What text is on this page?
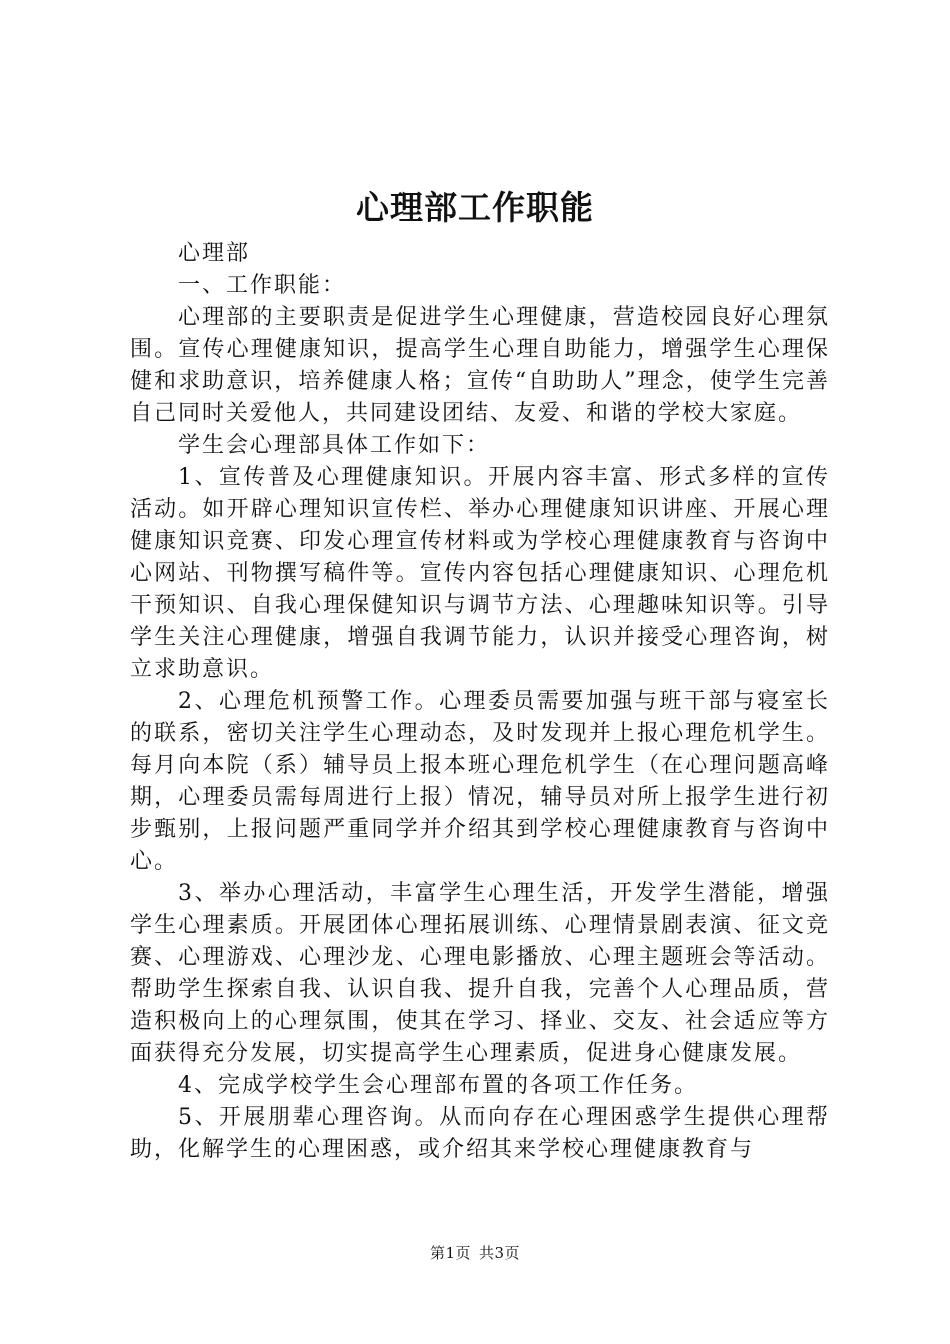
心理部工作职能

心理部

一、工作职能：

心理部的主要职责是促进学生心理健康，营造校园良好心理氛围。宣传心理健康知识，提高学生心理自助能力，增强学生心理保健和求助意识，培养健康人格；宣传“自助助人”理念，使学生完善自己同时关爱他人，共同建设团结、友爱、和谐的学校大家庭。

学生会心理部具体工作如下：

1、宣传普及心理健康知识。开展内容丰富、形式多样的宣传活动。如开辟心理知识宣传栏、举办心理健康知识讲座、开展心理健康知识竞赛、印发心理宣传材料或为学校心理健康教育与咨询中心网站、刊物撰写稿件等。宣传内容包括心理健康知识、心理危机干预知识、自我心理保健知识与调节方法、心理趣味知识等。引导学生关注心理健康，增强自我调节能力，认识并接受心理咨询，树立求助意识。

2、心理危机预警工作。心理委员需要加强与班干部与寝室长的联系，密切关注学生心理动态，及时发现并上报心理危机学生。每月向本院（系）辅导员上报本班心理危机学生（在心理问题高峰期，心理委员需每周进行上报）情况，辅导员对所上报学生进行初步甄别，上报问题严重同学并介绍其到学校心理健康教育与咨询中心。

3、举办心理活动，丰富学生心理生活，开发学生潜能，增强学生心理素质。开展团体心理拓展训练、心理情景剧表演、征文竞赛、心理游戏、心理沙龙、心理电影播放、心理主题班会等活动。帮助学生探索自我、认识自我、提升自我，完善个人心理品质，营造积极向上的心理氛围，使其在学习、择业、交友、社会适应等方面获得充分发展，切实提高学生心理素质，促进身心健康发展。

4、完成学校学生会心理部布置的各项工作任务。

5、开展朋辈心理咨询。从而向存在心理困惑学生提供心理帮助，化解学生的心理困惑，或介绍其来学校心理健康教育与

第1页 共3页
